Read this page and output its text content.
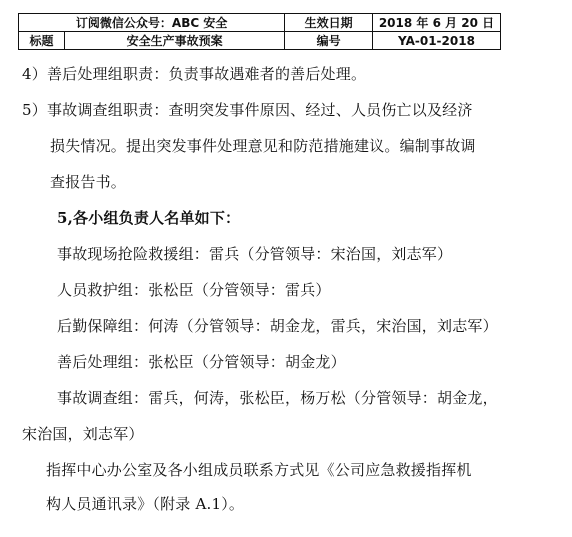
订阅微信公众号：ABC 安全		生效日期	2018 年 6 月 20 日
标题	安全生产事故预案	编号	YA-01-2018
4）善后处理组职责：负责事故遇难者的善后处理。
5）事故调查组职责：查明突发事件原因、经过、人员伤亡以及经济
损失情况。提出突发事件处理意见和防范措施建议。编制事故调
查报告书。
5,各小组负责人名单如下：
事故现场抢险救援组：雷兵（分管领导：宋治国，刘志军）
人员救护组：张松臣（分管领导：雷兵）
后勤保障组：何涛（分管领导：胡金龙，雷兵，宋治国，刘志军）
善后处理组：张松臣（分管领导：胡金龙）
事故调查组：雷兵，何涛，张松臣，杨万松（分管领导：胡金龙，
宋治国，刘志军）
指挥中心办公室及各小组成员联系方式见《公司应急救援指挥机
构人员通讯录》（附录 A.1）。
